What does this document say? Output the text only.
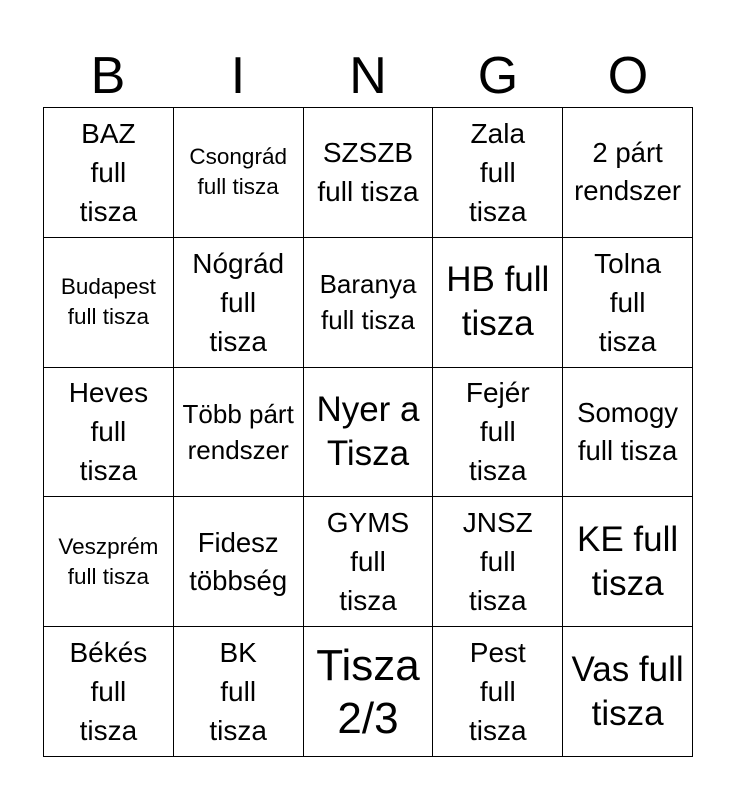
B	I	N	G	O
BAZ full tisza
Csongrád full tisza
SZSZB full tisza
Zala full tisza
2 párt rendszer
Budapest full tisza
Nógrád full tisza
Baranya full tisza
HB full tisza
Tolna full tisza
Heves full tisza
Több párt rendszer
Nyer a Tisza
Fejér full tisza
Somogy full tisza
Veszprém full tisza
Fidesz többség
GYMS full tisza
JNSZ full tisza
KE full tisza
Békés full tisza
BK full tisza
Tisza 2/3
Pest full tisza
Vas full tisza
